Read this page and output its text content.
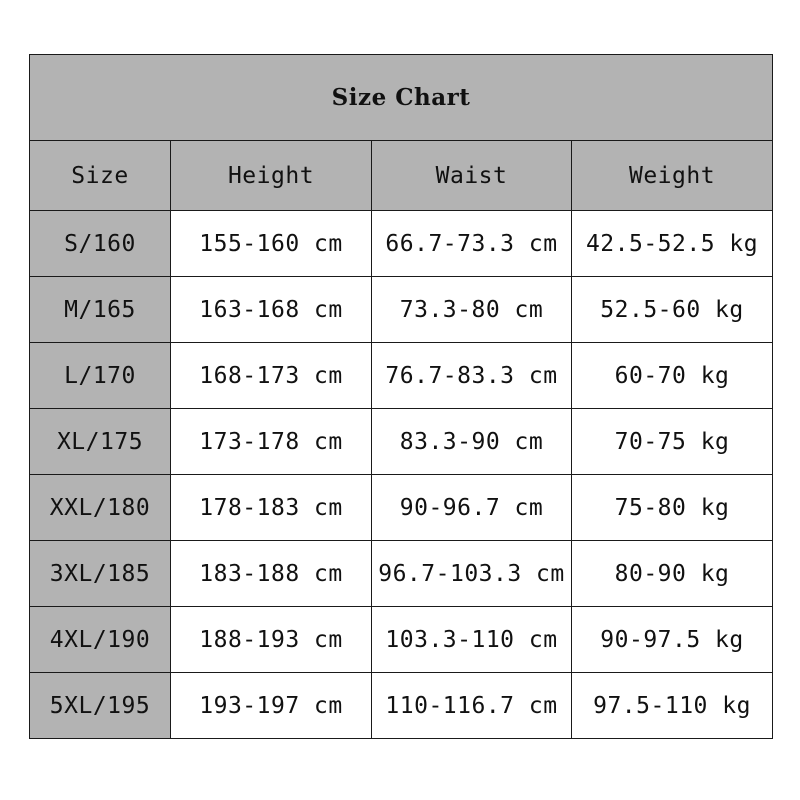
Size Chart			
Size	Height	Waist	Weight
S/160	155-160 cm	66.7-73.3 cm	42.5-52.5 kg
M/165	163-168 cm	73.3-80 cm	52.5-60 kg
L/170	168-173 cm	76.7-83.3 cm	60-70 kg
XL/175	173-178 cm	83.3-90 cm	70-75 kg
XXL/180	178-183 cm	90-96.7 cm	75-80 kg
3XL/185	183-188 cm	96.7-103.3 cm	80-90 kg
4XL/190	188-193 cm	103.3-110 cm	90-97.5 kg
5XL/195	193-197 cm	110-116.7 cm	97.5-110 kg
